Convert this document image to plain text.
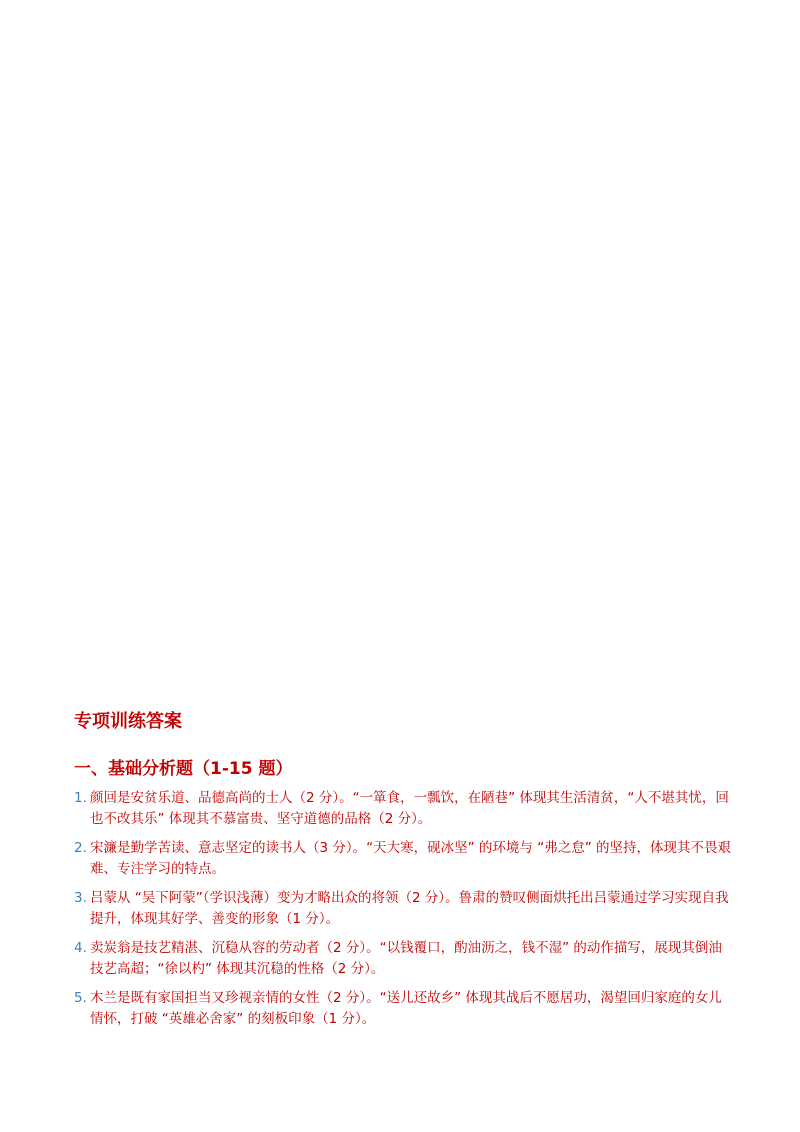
专项训练答案
一、基础分析题（1-15 题）
1. 颜回是安贫乐道、品德高尚的士人（2 分）。“一箪食，一瓢饮，在陋巷” 体现其生活清贫，“人不堪其忧，回也不改其乐” 体现其不慕富贵、坚守道德的品格（2 分）。
2. 宋濂是勤学苦读、意志坚定的读书人（3 分）。“天大寒，砚冰坚” 的环境与 “弗之怠” 的坚持，体现其不畏艰难、专注学习的特点。
3. 吕蒙从 “吴下阿蒙”（学识浅薄）变为才略出众的将领（2 分）。鲁肃的赞叹侧面烘托出吕蒙通过学习实现自我提升，体现其好学、善变的形象（1 分）。
4. 卖炭翁是技艺精湛、沉稳从容的劳动者（2 分）。“以钱覆口，酌油沥之，钱不湿” 的动作描写，展现其倒油技艺高超；“徐以杓” 体现其沉稳的性格（2 分）。
5. 木兰是既有家国担当又珍视亲情的女性（2 分）。“送儿还故乡” 体现其战后不愿居功，渴望回归家庭的女儿情怀，打破 “英雄必舍家” 的刻板印象（1 分）。
